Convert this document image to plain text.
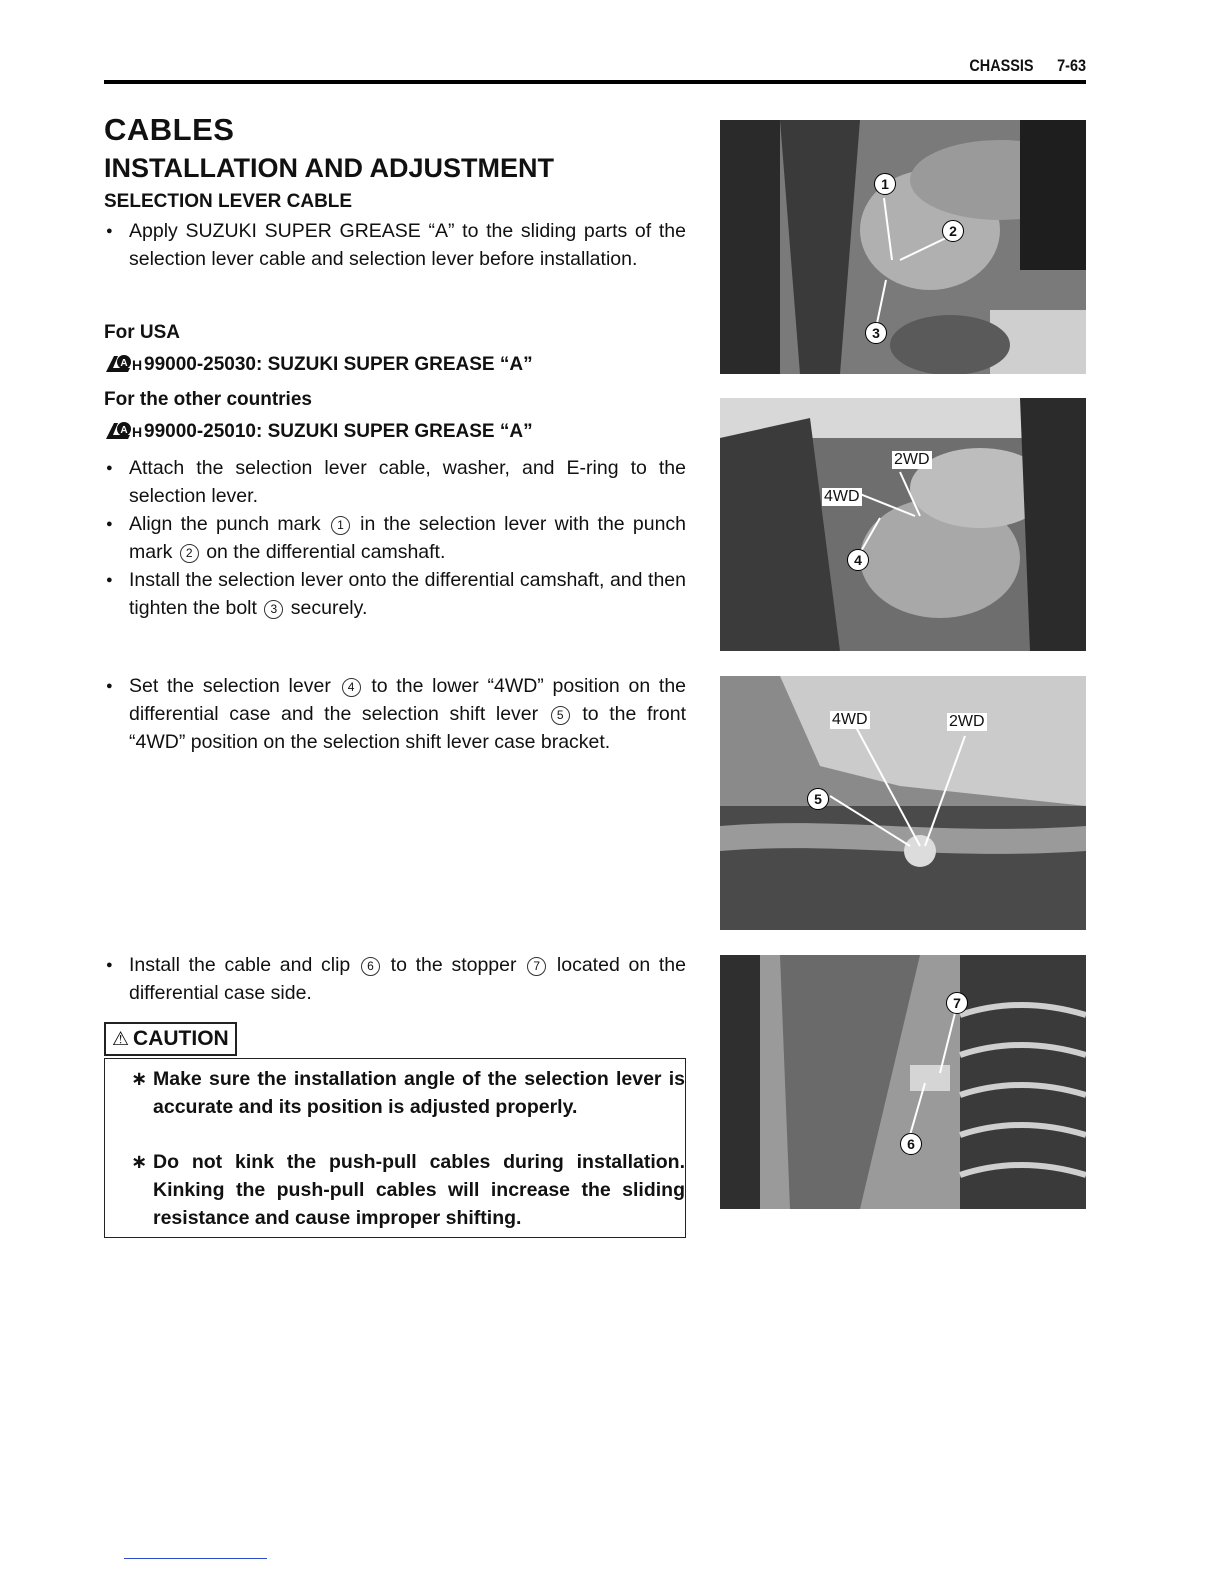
CHASSIS 7-63
CABLES
INSTALLATION AND ADJUSTMENT
SELECTION LEVER CABLE
● Apply SUZUKI SUPER GREASE “A” to the sliding parts of the selection lever cable and selection lever before installation.
For USA
A H 99000-25030: SUZUKI SUPER GREASE “A”
For the other countries
A H 99000-25010: SUZUKI SUPER GREASE “A”
● Attach the selection lever cable, washer, and E-ring to the selection lever.
● Align the punch mark 1 in the selection lever with the punch mark 2 on the differential camshaft.
● Install the selection lever onto the differential camshaft, and then tighten the bolt 3 securely.
● Set the selection lever 4 to the lower “4WD” position on the differential case and the selection shift lever 5 to the front “4WD” position on the selection shift lever case bracket.
● Install the cable and clip 6 to the stopper 7 located on the differential case side.
⚠ CAUTION
∗ Make sure the installation angle of the selection lever is accurate and its position is adjusted properly.
∗ Do not kink the push-pull cables during installation. Kinking the push-pull cables will increase the sliding resistance and cause improper shifting.
1
2
3
2WD
4WD
4
4WD	2WD
5
7
6
